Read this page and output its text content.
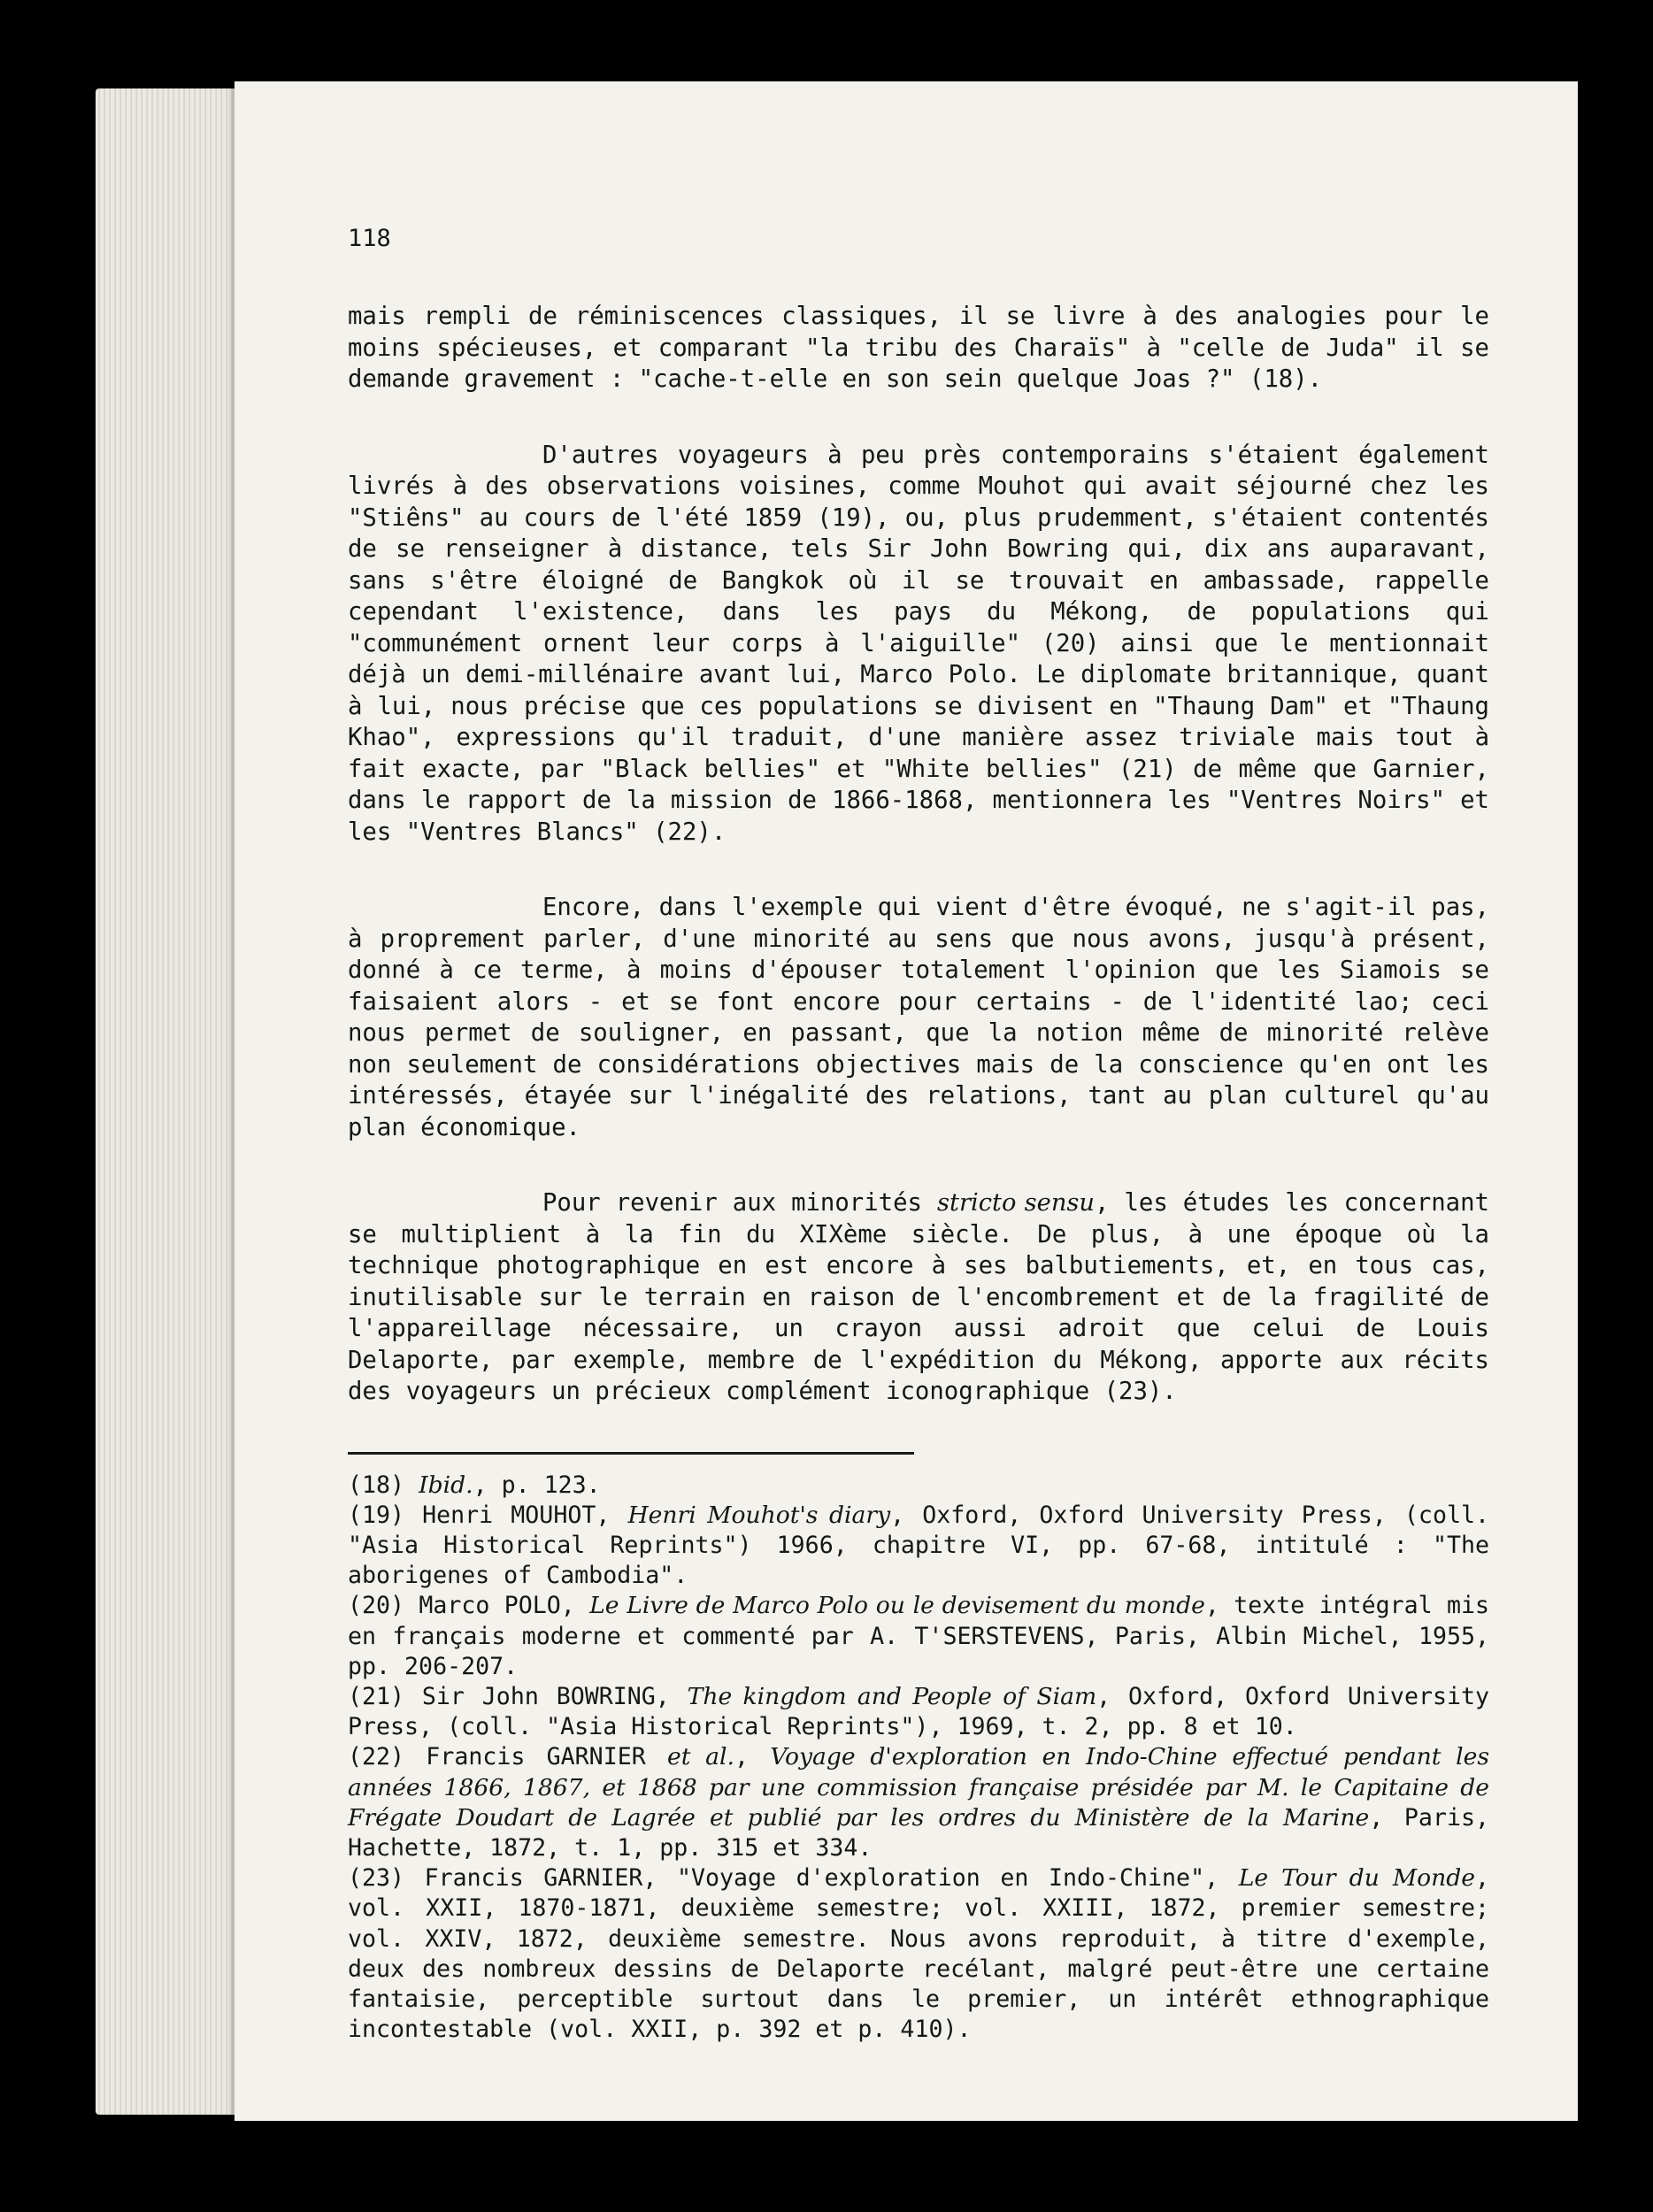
118

mais rempli de réminiscences classiques, il se livre à des analogies pour le moins spécieuses, et comparant "la tribu des Charaïs" à "celle de Juda" il se demande gravement : "cache-t-elle en son sein quelque Joas ?" (18).

D'autres voyageurs à peu près contemporains s'étaient également livrés à des observations voisines, comme Mouhot qui avait séjourné chez les "Stiêns" au cours de l'été 1859 (19), ou, plus prudemment, s'étaient contentés de se renseigner à distance, tels Sir John Bowring qui, dix ans auparavant, sans s'être éloigné de Bangkok où il se trouvait en ambassade, rappelle cependant l'existence, dans les pays du Mékong, de populations qui "communément ornent leur corps à l'aiguille" (20) ainsi que le mentionnait déjà un demi-millénaire avant lui, Marco Polo. Le diplomate britannique, quant à lui, nous précise que ces populations se divisent en "Thaung Dam" et "Thaung Khao", expressions qu'il traduit, d'une manière assez triviale mais tout à fait exacte, par "Black bellies" et "White bellies" (21) de même que Garnier, dans le rapport de la mission de 1866-1868, mentionnera les "Ventres Noirs" et les "Ventres Blancs" (22).

Encore, dans l'exemple qui vient d'être évoqué, ne s'agit-il pas, à proprement parler, d'une minorité au sens que nous avons, jusqu'à présent, donné à ce terme, à moins d'épouser totalement l'opinion que les Siamois se faisaient alors - et se font encore pour certains - de l'identité lao; ceci nous permet de souligner, en passant, que la notion même de minorité relève non seulement de considérations objectives mais de la conscience qu'en ont les intéressés, étayée sur l'inégalité des relations, tant au plan culturel qu'au plan économique.

Pour revenir aux minorités stricto sensu, les études les concernant se multiplient à la fin du XIXème siècle. De plus, à une époque où la technique photographique en est encore à ses balbutiements, et, en tous cas, inutilisable sur le terrain en raison de l'encombrement et de la fragilité de l'appareillage nécessaire, un crayon aussi adroit que celui de Louis Delaporte, par exemple, membre de l'expédition du Mékong, apporte aux récits des voyageurs un précieux complément iconographique (23).

(18) Ibid., p. 123.

(19) Henri MOUHOT, Henri Mouhot's diary, Oxford, Oxford University Press, (coll. "Asia Historical Reprints") 1966, chapitre VI, pp. 67-68, intitulé : "The aborigenes of Cambodia".

(20) Marco POLO, Le Livre de Marco Polo ou le devisement du monde, texte intégral mis en français moderne et commenté par A. T'SERSTEVENS, Paris, Albin Michel, 1955, pp. 206-207.

(21) Sir John BOWRING, The kingdom and People of Siam, Oxford, Oxford University Press, (coll. "Asia Historical Reprints"), 1969, t. 2, pp. 8 et 10.

(22) Francis GARNIER et al., Voyage d'exploration en Indo-Chine effectué pendant les années 1866, 1867, et 1868 par une commission française présidée par M. le Capitaine de Frégate Doudart de Lagrée et publié par les ordres du Ministère de la Marine, Paris, Hachette, 1872, t. 1, pp. 315 et 334.

(23) Francis GARNIER, "Voyage d'exploration en Indo-Chine", Le Tour du Monde, vol. XXII, 1870-1871, deuxième semestre; vol. XXIII, 1872, premier semestre; vol. XXIV, 1872, deuxième semestre. Nous avons reproduit, à titre d'exemple, deux des nombreux dessins de Delaporte recélant, malgré peut-être une certaine fantaisie, perceptible surtout dans le premier, un intérêt ethnographique incontestable (vol. XXII, p. 392 et p. 410).
